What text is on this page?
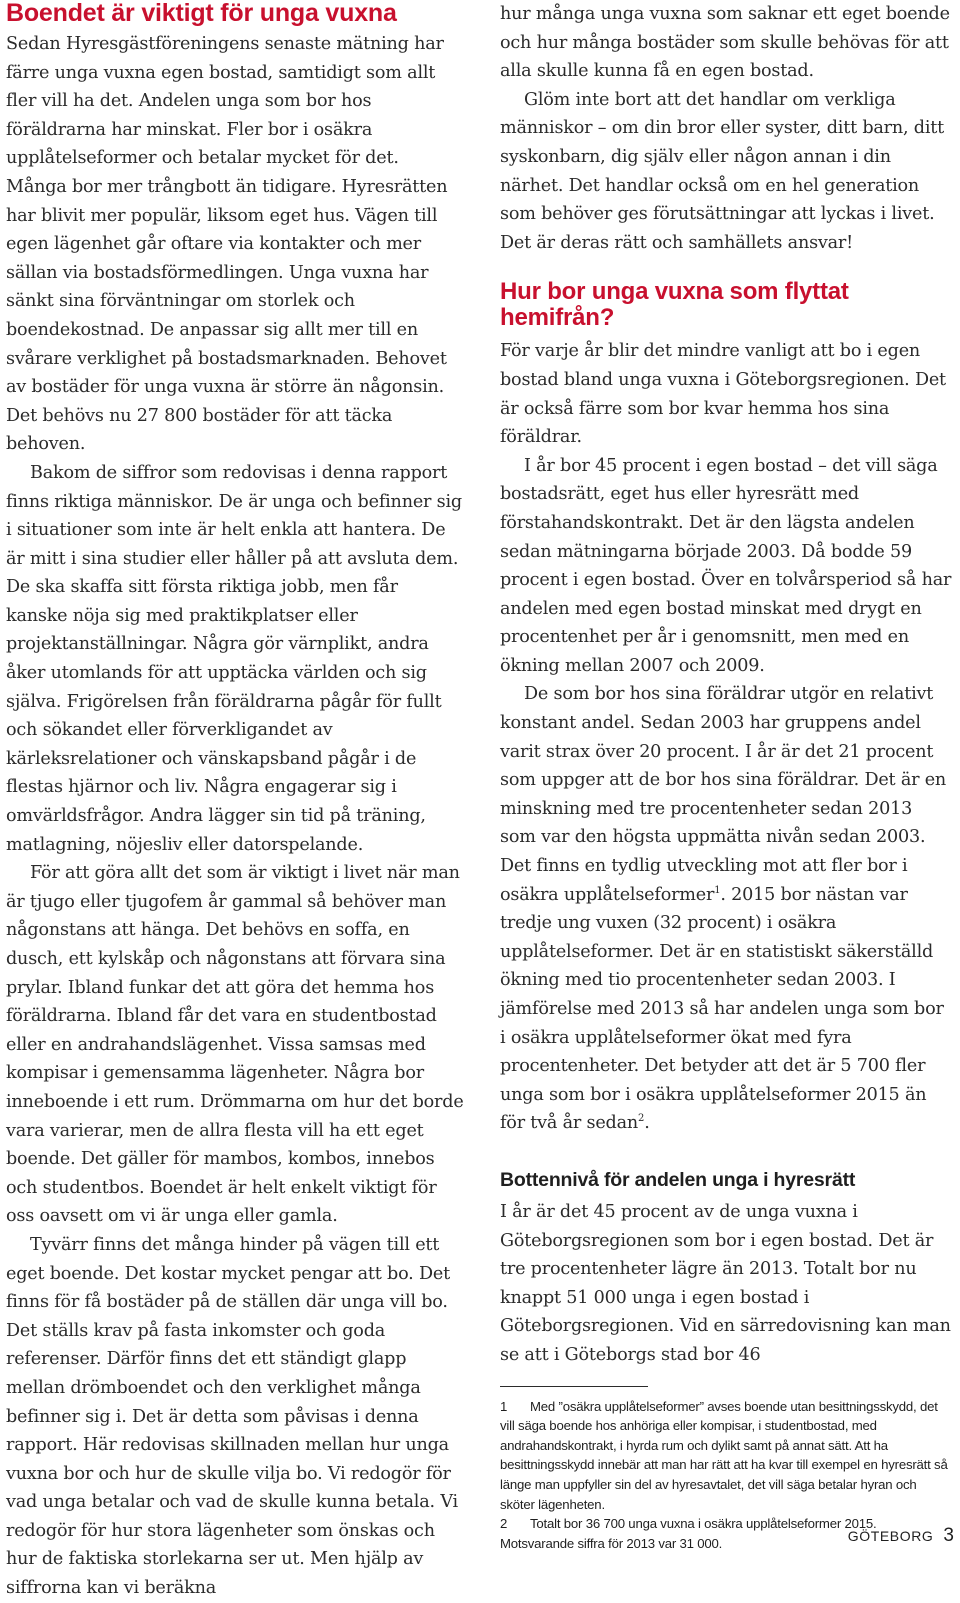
Boendet är viktigt för unga vuxna

Sedan Hyresgästföreningens senaste mätning har färre unga vuxna egen bostad, samtidigt som allt fler vill ha det. Andelen unga som bor hos föräldrarna har minskat. Fler bor i osäkra upplåtelseformer och betalar mycket för det. Många bor mer trångbott än tidigare. Hyresrätten har blivit mer populär, liksom eget hus. Vägen till egen lägenhet går oftare via kontakter och mer sällan via bostadsförmedlingen. Unga vuxna har sänkt sina förväntningar om storlek och boendekostnad. De anpassar sig allt mer till en svårare verklighet på bostadsmarknaden. Behovet av bostäder för unga vuxna är större än någonsin. Det behövs nu 27 800 bostäder för att täcka behoven.

Bakom de siffror som redovisas i denna rapport finns riktiga människor. De är unga och befinner sig i situationer som inte är helt enkla att hantera. De är mitt i sina studier eller håller på att avsluta dem. De ska skaffa sitt första riktiga jobb, men får kanske nöja sig med praktikplatser eller projektanställningar. Några gör värnplikt, andra åker utomlands för att upptäcka världen och sig själva. Frigörelsen från föräldrarna pågår för fullt och sökandet eller förverkligandet av kärleksrelationer och vänskapsband pågår i de flestas hjärnor och liv. Några engagerar sig i omvärldsfrågor. Andra lägger sin tid på träning, matlagning, nöjesliv eller datorspelande.

För att göra allt det som är viktigt i livet när man är tjugo eller tjugofem år gammal så behöver man någonstans att hänga. Det behövs en soffa, en dusch, ett kylskåp och någonstans att förvara sina prylar. Ibland funkar det att göra det hemma hos föräldrarna. Ibland får det vara en studentbostad eller en andrahandslägenhet. Vissa samsas med kompisar i gemensamma lägenheter. Några bor inneboende i ett rum. Drömmarna om hur det borde vara varierar, men de allra flesta vill ha ett eget boende. Det gäller för mambos, kombos, innebos och studentbos. Boendet är helt enkelt viktigt för oss oavsett om vi är unga eller gamla.

Tyvärr finns det många hinder på vägen till ett eget boende. Det kostar mycket pengar att bo. Det finns för få bostäder på de ställen där unga vill bo. Det ställs krav på fasta inkomster och goda referenser. Därför finns det ett ständigt glapp mellan drömboendet och den verklighet många befinner sig i. Det är detta som påvisas i denna rapport. Här redovisas skillnaden mellan hur unga vuxna bor och hur de skulle vilja bo. Vi redogör för vad unga betalar och vad de skulle kunna betala. Vi redogör för hur stora lägenheter som önskas och hur de faktiska storlekarna ser ut. Men hjälp av siffrorna kan vi beräkna

hur många unga vuxna som saknar ett eget boende och hur många bostäder som skulle behövas för att alla skulle kunna få en egen bostad.

Glöm inte bort att det handlar om verkliga människor – om din bror eller syster, ditt barn, ditt syskonbarn, dig själv eller någon annan i din närhet. Det handlar också om en hel generation som behöver ges förutsättningar att lyckas i livet. Det är deras rätt och samhällets ansvar!

Hur bor unga vuxna som flyttat hemifrån?

För varje år blir det mindre vanligt att bo i egen bostad bland unga vuxna i Göteborgsregionen. Det är också färre som bor kvar hemma hos sina föräldrar.

I år bor 45 procent i egen bostad – det vill säga bostadsrätt, eget hus eller hyresrätt med förstahandskontrakt. Det är den lägsta andelen sedan mätningarna började 2003. Då bodde 59 procent i egen bostad. Över en tolvårsperiod så har andelen med egen bostad minskat med drygt en procentenhet per år i genomsnitt, men med en ökning mellan 2007 och 2009.

De som bor hos sina föräldrar utgör en relativt konstant andel. Sedan 2003 har gruppens andel varit strax över 20 procent. I år är det 21 procent som uppger att de bor hos sina föräldrar. Det är en minskning med tre procentenheter sedan 2013 som var den högsta uppmätta nivån sedan 2003. Det finns en tydlig utveckling mot att fler bor i osäkra upplåtelseformer$^1$. 2015 bor nästan var tredje ung vuxen (32 procent) i osäkra upplåtelseformer. Det är en statistiskt säkerställd ökning med tio procentenheter sedan 2003. I jämförelse med 2013 så har andelen unga som bor i osäkra upplåtelseformer ökat med fyra procentenheter. Det betyder att det är 5 700 fler unga som bor i osäkra upplåtelseformer 2015 än för två år sedan$^2$.

Bottennivå för andelen unga i hyresrätt

I år är det 45 procent av de unga vuxna i Göteborgsregionen som bor i egen bostad. Det är tre procentenheter lägre än 2013. Totalt bor nu knappt 51 000 unga i egen bostad i Göteborgsregionen. Vid en särredovisning kan man se att i Göteborgs stad bor 46

1 Med ”osäkra upplåtelseformer” avses boende utan besittningsskydd, det vill säga boende hos anhöriga eller kompisar, i studentbostad, med andrahandskontrakt, i hyrda rum och dylikt samt på annat sätt. Att ha besittningsskydd innebär att man har rätt att ha kvar till exempel en hyresrätt så länge man uppfyller sin del av hyresavtalet, det vill säga betalar hyran och sköter lägenheten.

2 Totalt bor 36 700 unga vuxna i osäkra upplåtelseformer 2015. Motsvarande siffra för 2013 var 31 000.	GÖTEBORG 3
